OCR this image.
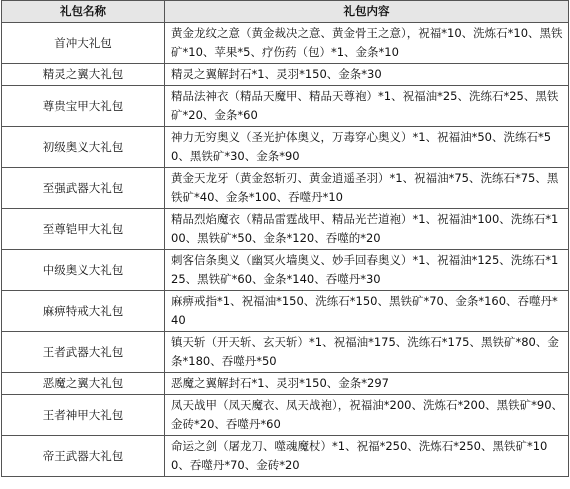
礼包名称	礼包内容
首冲大礼包	黄金龙纹之意（黄金裁决之意、黄金骨王之意），祝福*10、洗炼石*10、黑铁矿*10、苹果*5、疗伤药（包）*1、金条*10
精灵之翼大礼包	精灵之翼解封石*1、灵羽*150、金条*30
尊贵宝甲大礼包	精品法神衣（精品天魔甲、精品天尊袍）*1、祝福油*25、洗练石*25、黑铁矿*20、金条*60
初级奥义大礼包	神力无穷奥义（圣光护体奥义，万毒穿心奥义）*1、祝福油*50、洗练石*50、黑铁矿*30、金条*90
至强武器大礼包	黄金天龙牙（黄金怒斩刃、黄金逍遥圣羽）*1、祝福油*75、洗练石*75、黑铁矿*40、金条*100、吞噬丹*10
至尊铠甲大礼包	精品烈焰魔衣（精品雷霆战甲、精品光芒道袍）*1、祝福油*100、洗练石*100、黑铁矿*50、金条*120、吞噬的*20
中级奥义大礼包	刺客信条奥义（幽冥火墙奥义、妙手回春奥义）*1、祝福油*125、洗练石*125、黑铁矿*60、金条*140、吞噬丹*30
麻痹特戒大礼包	麻痹戒指*1、祝福油*150、洗练石*150、黑铁矿*70、金条*160、吞噬丹*40
王者武器大礼包	镇天斩（开天斩、玄天斩）*1、祝福油*175、洗练石*175、黑铁矿*80、金条*180、吞噬丹*50
恶魔之翼大礼包	恶魔之翼解封石*1、灵羽*150、金条*297
王者神甲大礼包	凤天战甲（凤天魔衣、凤天战袍），祝福油*200、洗炼石*200、黑铁矿*90、金砖*20、吞噬丹*60
帝王武器大礼包	命运之剑（屠龙刀、噬魂魔杖）*1、祝福*250、洗炼石*250、黑铁矿*100、吞噬丹*70、金砖*20
